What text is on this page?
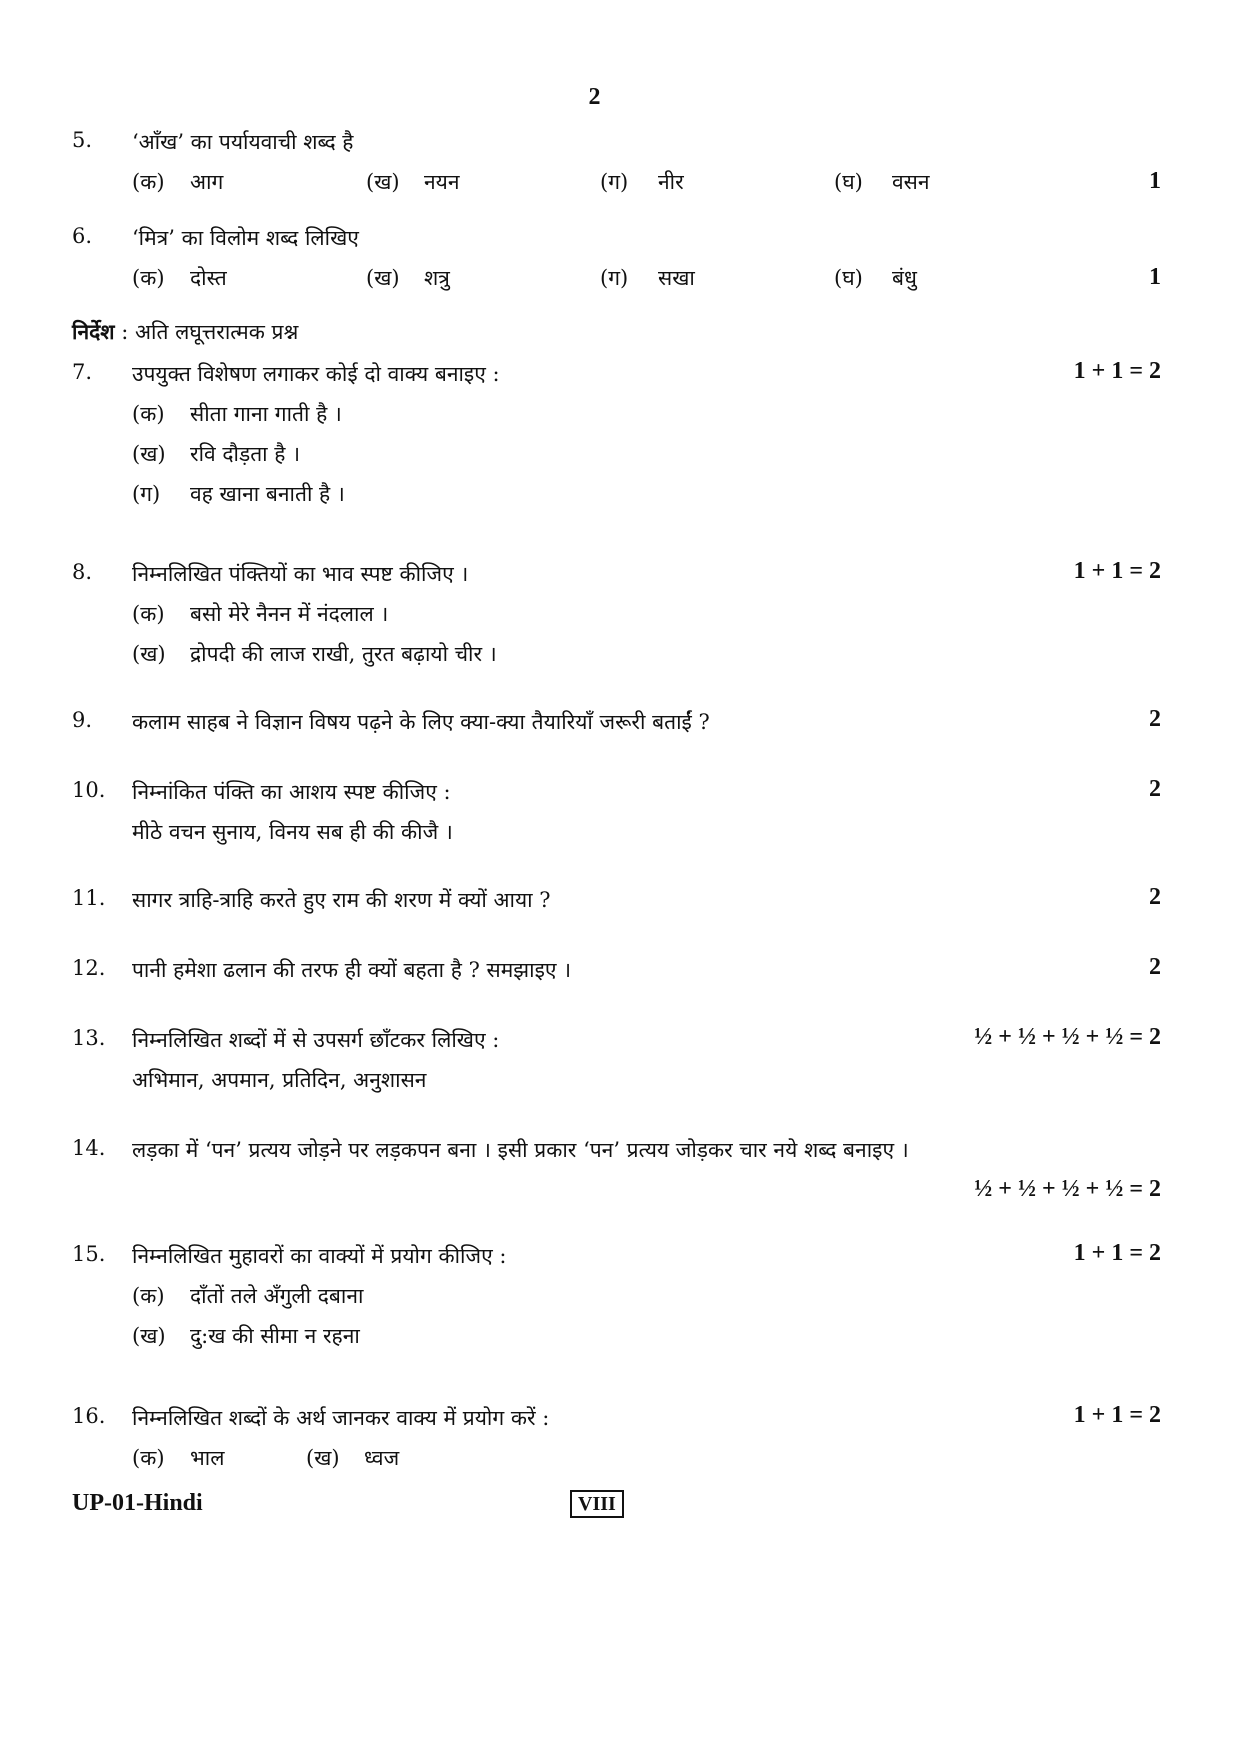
2
5. ‘आँख’ का पर्यायवाची शब्द है
(क) आग	(ख) नयन	(ग) नीर	(घ) वसन	1
6. ‘मित्र’ का विलोम शब्द लिखिए
(क) दोस्त	(ख) शत्रु	(ग) सखा	(घ) बंधु	1
निर्देश : अति लघूत्तरात्मक प्रश्न
7. उपयुक्त विशेषण लगाकर कोई दो वाक्य बनाइए :	1 + 1 = 2
(क) सीता गाना गाती है ।
(ख) रवि दौड़ता है ।
(ग) वह खाना बनाती है ।
8. निम्नलिखित पंक्तियों का भाव स्पष्ट कीजिए ।	1 + 1 = 2
(क) बसो मेरे नैनन में नंदलाल ।
(ख) द्रोपदी की लाज राखी, तुरत बढ़ायो चीर ।
9. कलाम साहब ने विज्ञान विषय पढ़ने के लिए क्या-क्या तैयारियाँ जरूरी बताईं ?	2
10. निम्नांकित पंक्ति का आशय स्पष्ट कीजिए :	2
मीठे वचन सुनाय, विनय सब ही की कीजै ।
11. सागर त्राहि-त्राहि करते हुए राम की शरण में क्यों आया ?	2
12. पानी हमेशा ढलान की तरफ ही क्यों बहता है ? समझाइए ।	2
13. निम्नलिखित शब्दों में से उपसर्ग छाँटकर लिखिए :	½ + ½ + ½ + ½ = 2
अभिमान, अपमान, प्रतिदिन, अनुशासन
14. लड़का में ‘पन’ प्रत्यय जोड़ने पर लड़कपन बना । इसी प्रकार ‘पन’ प्रत्यय जोड़कर चार नये शब्द बनाइए ।
½ + ½ + ½ + ½ = 2
15. निम्नलिखित मुहावरों का वाक्यों में प्रयोग कीजिए :	1 + 1 = 2
(क) दाँतों तले अँगुली दबाना
(ख) दु:ख की सीमा न रहना
16. निम्नलिखित शब्दों के अर्थ जानकर वाक्य में प्रयोग करें :	1 + 1 = 2
(क) भाल	(ख) ध्वज
UP-01-Hindi	VIII
